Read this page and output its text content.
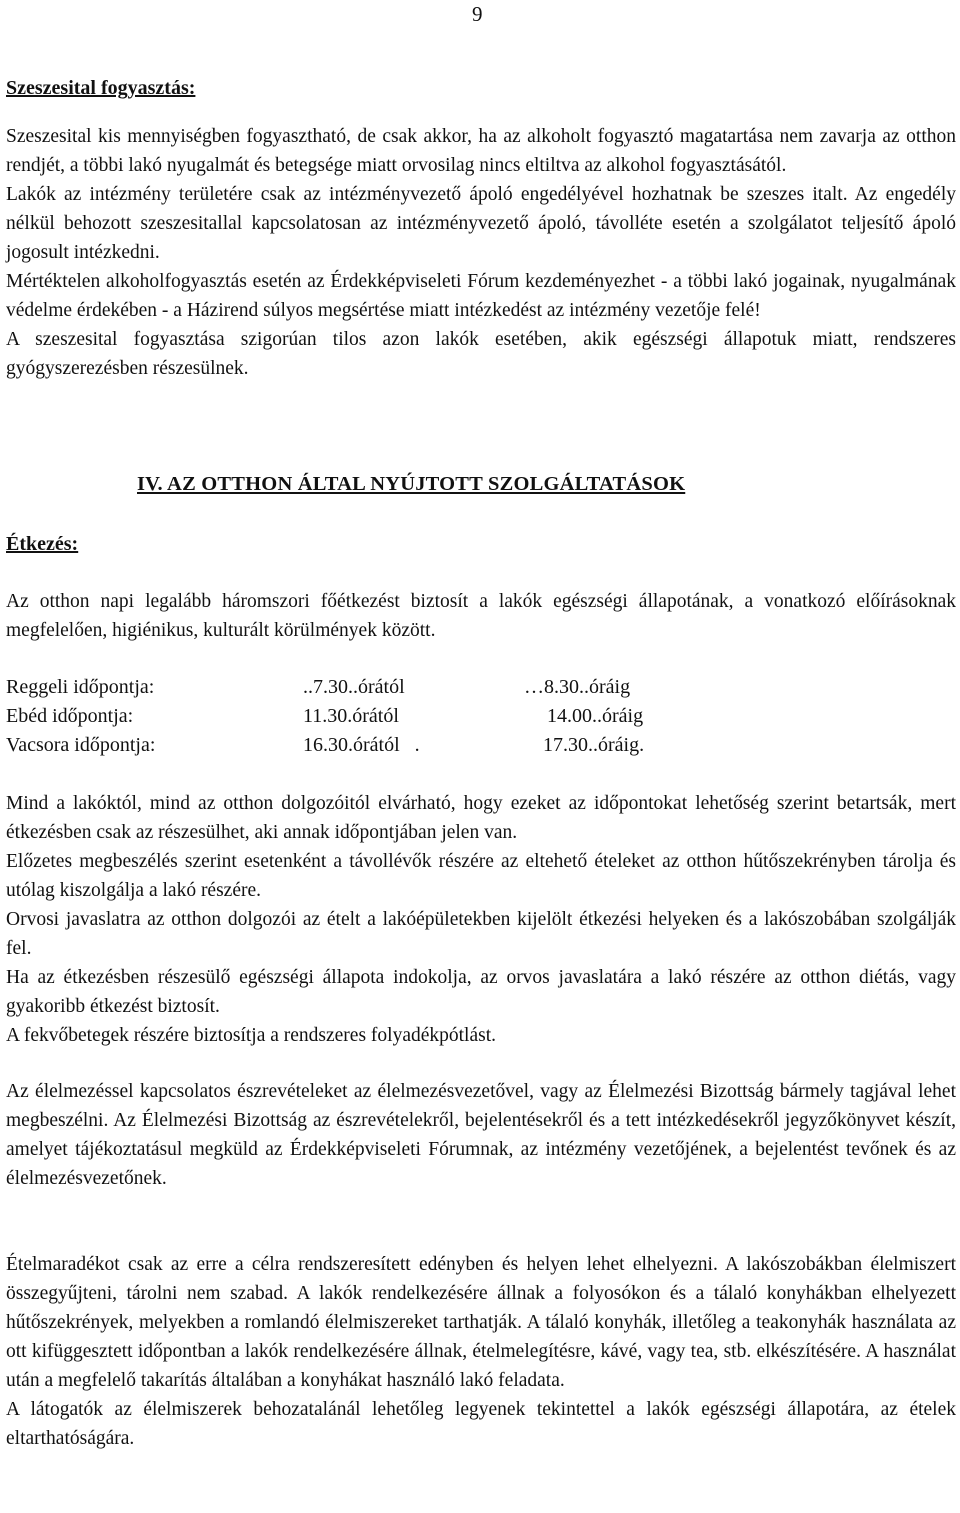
9

Szeszesital fogyasztás:

Szeszesital kis mennyiségben fogyasztható, de csak akkor, ha az alkoholt fogyasztó magatartása nem zavarja az otthon rendjét, a többi lakó nyugalmát és betegsége miatt orvosilag nincs eltiltva az alkohol fogyasztásától.

Lakók az intézmény területére csak az intézményvezető ápoló engedélyével hozhatnak be szeszes italt. Az engedély nélkül behozott szeszesitallal kapcsolatosan az intézményvezető ápoló, távolléte esetén a szolgálatot teljesítő ápoló jogosult intézkedni.

Mértéktelen alkoholfogyasztás esetén az Érdekképviseleti Fórum kezdeményezhet - a többi lakó jogainak, nyugalmának védelme érdekében - a Házirend súlyos megsértése miatt intézkedést az intézmény vezetője felé!

A szeszesital fogyasztása szigorúan tilos azon lakók esetében, akik egészségi állapotuk miatt, rendszeres gyógyszerezésben részesülnek.

IV. AZ OTTHON ÁLTAL NYÚJTOTT SZOLGÁLTATÁSOK

Étkezés:

Az otthon napi legalább háromszori főétkezést biztosít a lakók egészségi állapotának, a vonatkozó előírásoknak megfelelően, higiénikus, kulturált körülmények között.

Reggeli időpontja:	..7.30..órától	…8.30..óráig
Ebéd időpontja:	11.30.órától	14.00..óráig
Vacsora időpontja:	16.30.órától   .	17.30..óráig.

Mind a lakóktól, mind az otthon dolgozóitól elvárható, hogy ezeket az időpontokat lehetőség szerint betartsák, mert étkezésben csak az részesülhet, aki annak időpontjában jelen van.

Előzetes megbeszélés szerint esetenként a távollévők részére az eltehető ételeket az otthon hűtőszekrényben tárolja és utólag kiszolgálja a lakó részére.

Orvosi javaslatra az otthon dolgozói az ételt a lakóépületekben kijelölt étkezési helyeken és a lakószobában szolgálják fel.

Ha az étkezésben részesülő egészségi állapota indokolja, az orvos javaslatára a lakó részére az otthon diétás, vagy gyakoribb étkezést biztosít.

A fekvőbetegek részére biztosítja a rendszeres folyadékpótlást.

Az élelmezéssel kapcsolatos észrevételeket az élelmezésvezetővel, vagy az Élelmezési Bizottság bármely tagjával lehet megbeszélni. Az Élelmezési Bizottság az észrevételekről, bejelentésekről és a tett intézkedésekről jegyzőkönyvet készít, amelyet tájékoztatásul megküld az Érdekképviseleti Fórumnak, az intézmény vezetőjének, a bejelentést tevőnek és az élelmezésvezetőnek.

Ételmaradékot csak az erre a célra rendszeresített edényben és helyen lehet elhelyezni. A lakószobákban élelmiszert összegyűjteni, tárolni nem szabad. A lakók rendelkezésére állnak a folyosókon és a tálaló konyhákban elhelyezett hűtőszekrények, melyekben a romlandó élelmiszereket tarthatják. A tálaló konyhák, illetőleg a teakonyhák használata az ott kifüggesztett időpontban a lakók rendelkezésére állnak, ételmelegítésre, kávé, vagy tea, stb. elkészítésére. A használat után a megfelelő takarítás általában a konyhákat használó lakó feladata.

A látogatók az élelmiszerek behozatalánál lehetőleg legyenek tekintettel a lakók egészségi állapotára, az ételek eltarthatóságára.
